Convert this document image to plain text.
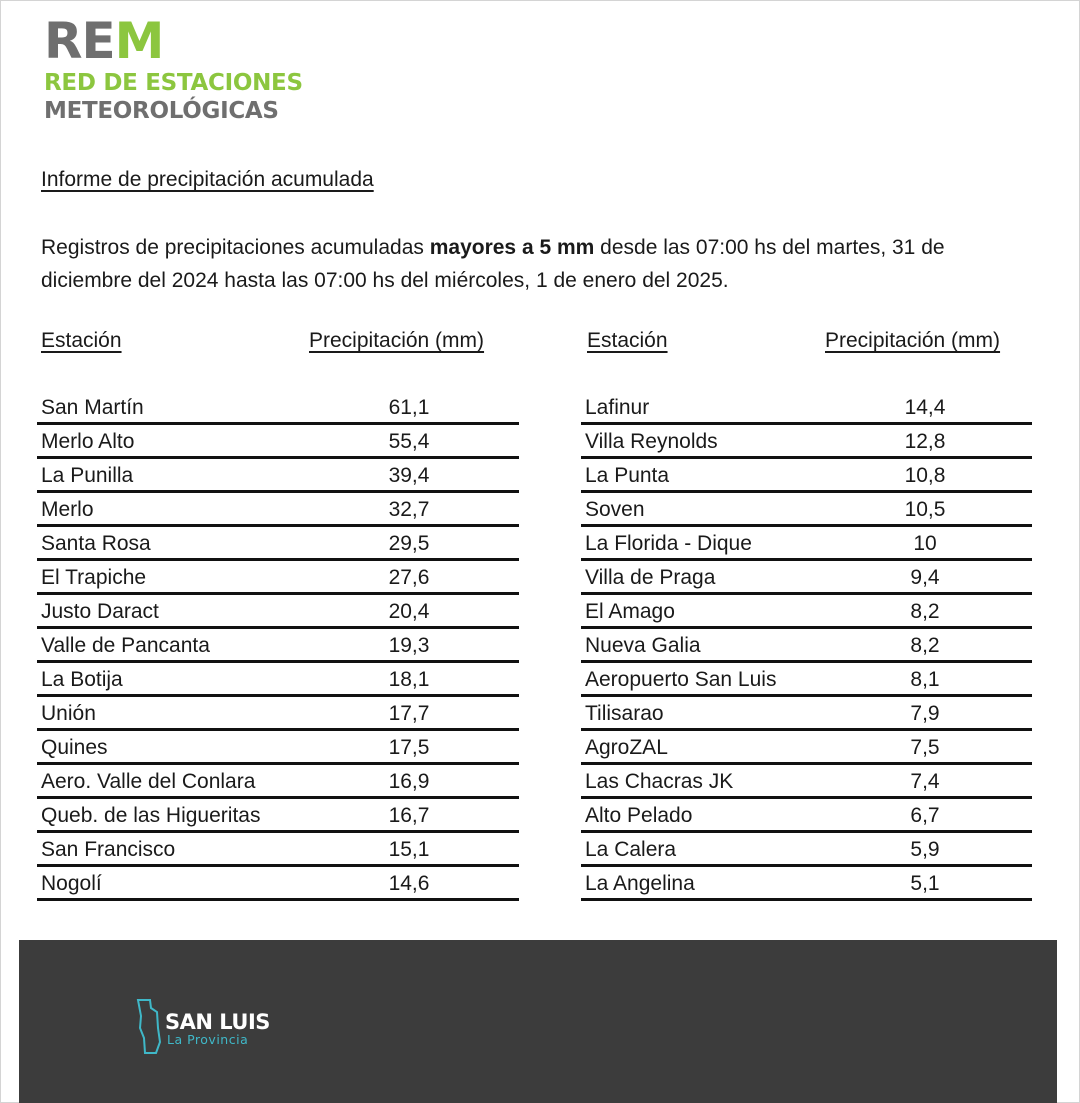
REM
RED DE ESTACIONES
METEOROLÓGICAS
Informe de precipitación acumulada
Registros de precipitaciones acumuladas mayores a 5 mm desde las 07:00 hs del martes, 31 de diciembre del 2024 hasta las 07:00 hs del miércoles, 1 de enero del 2025.
Estación	Precipitación (mm)
San Martín	61,1
Merlo Alto	55,4
La Punilla	39,4
Merlo	32,7
Santa Rosa	29,5
El Trapiche	27,6
Justo Daract	20,4
Valle de Pancanta	19,3
La Botija	18,1
Unión	17,7
Quines	17,5
Aero. Valle del Conlara	16,9
Queb. de las Higueritas	16,7
San Francisco	15,1
Nogolí	14,6
Estación	Precipitación (mm)
Lafinur	14,4
Villa Reynolds	12,8
La Punta	10,8
Soven	10,5
La Florida - Dique	10
Villa de Praga	9,4
El Amago	8,2
Nueva Galia	8,2
Aeropuerto San Luis	8,1
Tilisarao	7,9
AgroZAL	7,5
Las Chacras JK	7,4
Alto Pelado	6,7
La Calera	5,9
La Angelina	5,1
SAN LUIS
La Provincia
